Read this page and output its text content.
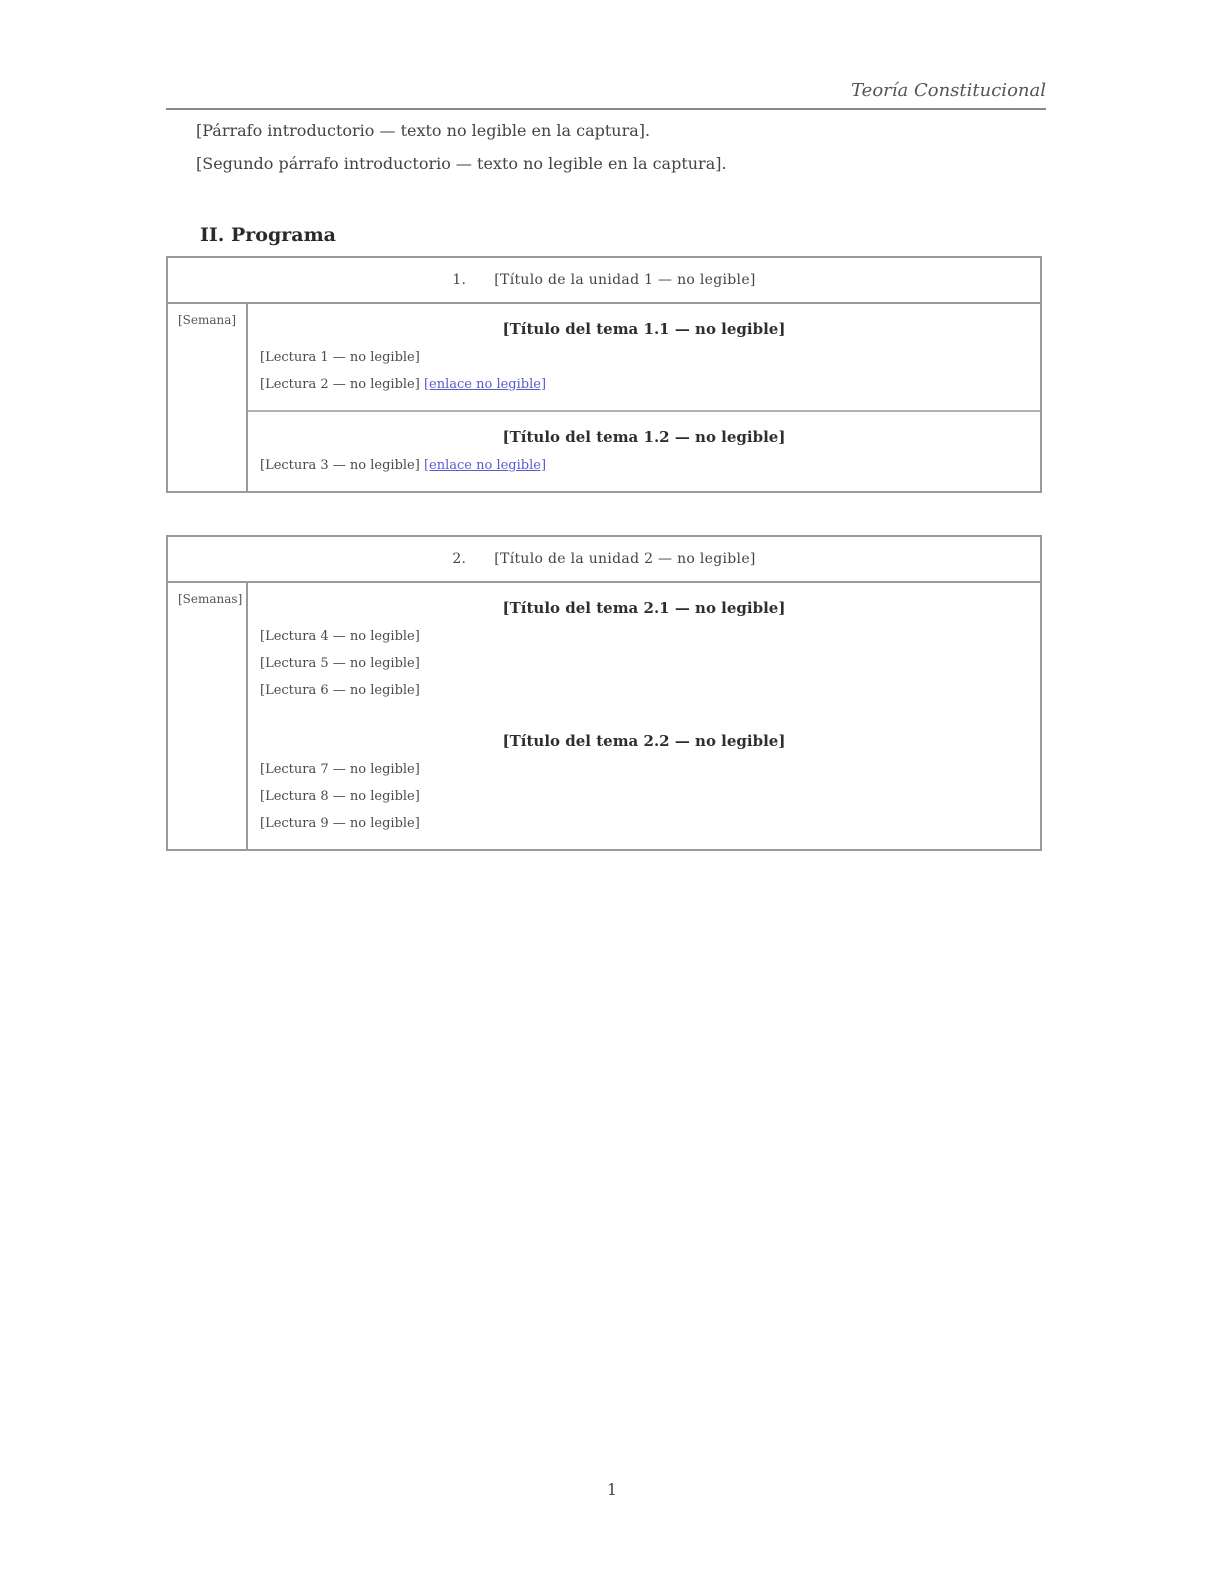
Teoría Constitucional

[Párrafo introductorio — texto no legible en la captura].

[Segundo párrafo introductorio — texto no legible en la captura].

II. Programa
1. [Título de la unidad 1 — no legible]
[Semana]	[Título del tema 1.1 — no legible]

[Lectura 1 — no legible]

[Lectura 2 — no legible] [enlace no legible]

[Título del tema 1.2 — no legible]

[Lectura 3 — no legible] [enlace no legible]

2. [Título de la unidad 2 — no legible]
[Semanas]	[Título del tema 2.1 — no legible]

[Lectura 4 — no legible]

[Lectura 5 — no legible]

[Lectura 6 — no legible]

[Título del tema 2.2 — no legible]

[Lectura 7 — no legible]

[Lectura 8 — no legible]

[Lectura 9 — no legible]

1
